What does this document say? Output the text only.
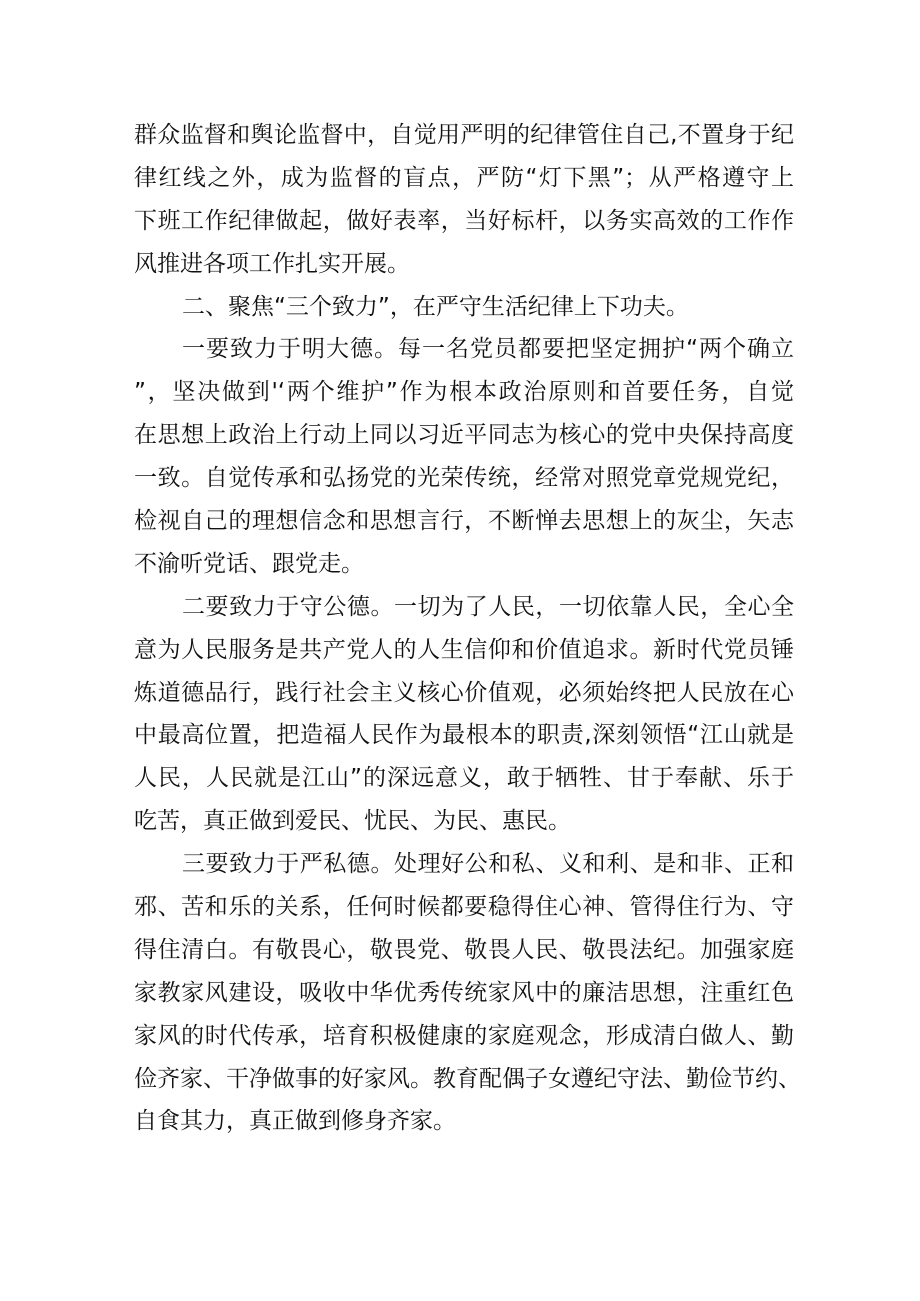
群众监督和舆论监督中，自觉用严明的纪律管住自己,不置身于纪
律红线之外，成为监督的盲点，严防“灯下黑”；从严格遵守上
下班工作纪律做起，做好表率，当好标杆，以务实高效的工作作
风推进各项工作扎实开展。
二、聚焦“三个致力”，在严守生活纪律上下功夫。
一要致力于明大德。每一名党员都要把坚定拥护“两个确立
”，坚决做到'‘两个维护”作为根本政治原则和首要任务，自觉
在思想上政治上行动上同以习近平同志为核心的党中央保持高度
一致。自觉传承和弘扬党的光荣传统，经常对照党章党规党纪，
检视自己的理想信念和思想言行，不断惮去思想上的灰尘，矢志
不渝听党话、跟党走。
二要致力于守公德。一切为了人民，一切依靠人民，全心全
意为人民服务是共产党人的人生信仰和价值追求。新时代党员锤
炼道德品行，践行社会主义核心价值观，必须始终把人民放在心
中最高位置，把造福人民作为最根本的职责,深刻领悟“江山就是
人民，人民就是江山”的深远意义，敢于牺牲、甘于奉献、乐于
吃苦，真正做到爱民、忧民、为民、惠民。
三要致力于严私德。处理好公和私、义和利、是和非、正和
邪、苦和乐的关系，任何时候都要稳得住心神、管得住行为、守
得住清白。有敬畏心，敬畏党、敬畏人民、敬畏法纪。加强家庭
家教家风建设，吸收中华优秀传统家风中的廉洁思想，注重红色
家风的时代传承，培育积极健康的家庭观念，形成清白做人、勤
俭齐家、干净做事的好家风。教育配偶子女遵纪守法、勤俭节约、
自食其力，真正做到修身齐家。
